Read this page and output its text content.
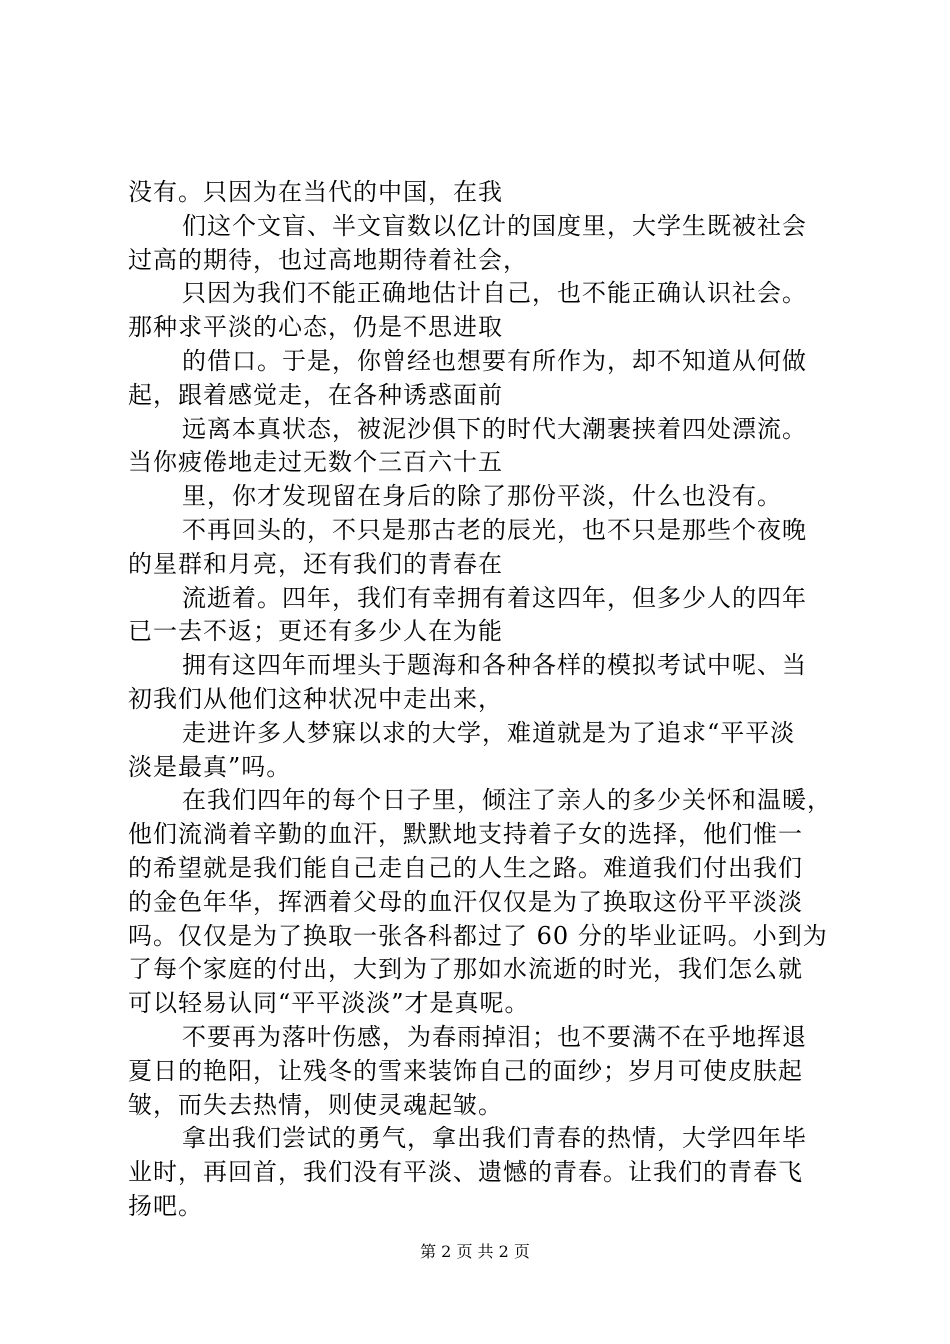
没有。只因为在当代的中国，在我
们这个文盲、半文盲数以亿计的国度里，大学生既被社会
过高的期待，也过高地期待着社会，
只因为我们不能正确地估计自己，也不能正确认识社会。
那种求平淡的心态，仍是不思进取
的借口。于是，你曾经也想要有所作为，却不知道从何做
起，跟着感觉走，在各种诱惑面前
远离本真状态，被泥沙俱下的时代大潮裹挟着四处漂流。
当你疲倦地走过无数个三百六十五
里，你才发现留在身后的除了那份平淡，什么也没有。
不再回头的，不只是那古老的辰光，也不只是那些个夜晚
的星群和月亮，还有我们的青春在
流逝着。四年，我们有幸拥有着这四年，但多少人的四年
已一去不返；更还有多少人在为能
拥有这四年而埋头于题海和各种各样的模拟考试中呢、当
初我们从他们这种状况中走出来，
走进许多人梦寐以求的大学，难道就是为了追求“平平淡
淡是最真”吗。
在我们四年的每个日子里，倾注了亲人的多少关怀和温暖，
他们流淌着辛勤的血汗，默默地支持着子女的选择，他们惟一
的希望就是我们能自己走自己的人生之路。难道我们付出我们
的金色年华，挥洒着父母的血汗仅仅是为了换取这份平平淡淡
吗。仅仅是为了换取一张各科都过了 60 分的毕业证吗。小到为
了每个家庭的付出，大到为了那如水流逝的时光，我们怎么就
可以轻易认同“平平淡淡”才是真呢。
不要再为落叶伤感，为春雨掉泪；也不要满不在乎地挥退
夏日的艳阳，让残冬的雪来装饰自己的面纱；岁月可使皮肤起
皱，而失去热情，则使灵魂起皱。
拿出我们尝试的勇气，拿出我们青春的热情，大学四年毕
业时，再回首，我们没有平淡、遗憾的青春。让我们的青春飞
扬吧。
第 2 页 共 2 页
